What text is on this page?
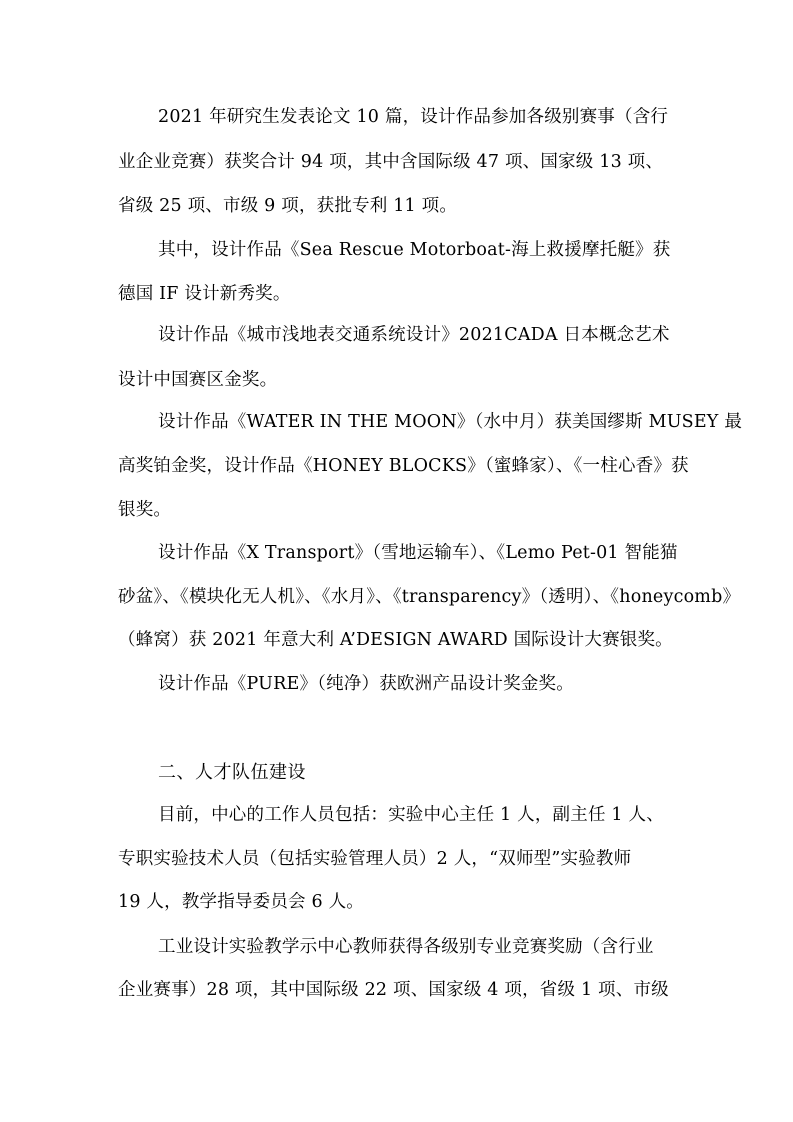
2021 年研究生发表论文 10 篇，设计作品参加各级别赛事（含行
业企业竞赛）获奖合计 94 项，其中含国际级 47 项、国家级 13 项、
省级 25 项、市级 9 项，获批专利 11 项。
其中，设计作品《Sea Rescue Motorboat-海上救援摩托艇》获
德国 IF 设计新秀奖。
设计作品《城市浅地表交通系统设计》2021CADA 日本概念艺术
设计中国赛区金奖。
设计作品《WATER IN THE MOON》（水中月）获美国缪斯 MUSEY 最
高奖铂金奖，设计作品《HONEY BLOCKS》（蜜蜂家）、《一柱心香》获
银奖。
设计作品《X Transport》（雪地运输车）、《Lemo Pet-01 智能猫
砂盆》、《模块化无人机》、《水月》、《transparency》（透明）、《honeycomb》
（蜂窝）获 2021 年意大利 A’DESIGN AWARD 国际设计大赛银奖。
设计作品《PURE》（纯净）获欧洲产品设计奖金奖。
二、人才队伍建设
目前，中心的工作人员包括：实验中心主任 1 人，副主任 1 人、
专职实验技术人员（包括实验管理人员）2 人，“双师型”实验教师
19 人，教学指导委员会 6 人。
工业设计实验教学示中心教师获得各级别专业竞赛奖励（含行业
企业赛事）28 项，其中国际级 22 项、国家级 4 项，省级 1 项、市级
